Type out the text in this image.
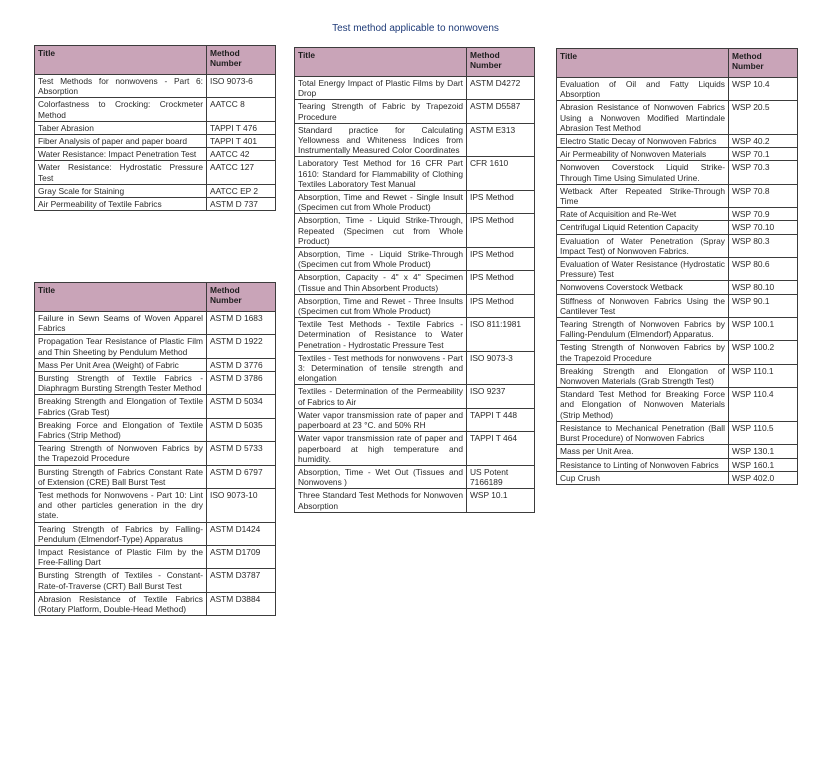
Test method applicable to nonwovens
Title	Method Number
Test Methods for nonwovens - Part 6: Absorption	ISO 9073-6
Colorfastness to Crocking: Crockmeter Method	AATCC 8
Taber Abrasion	TAPPI T 476
Fiber Analysis of paper and paper board	TAPPI T 401
Water Resistance: Impact Penetration Test	AATCC 42
Water Resistance: Hydrostatic Pressure Test	AATCC 127
Gray Scale for Staining	AATCC EP 2
Air Permeability of Textile Fabrics	ASTM D 737
Title	Method Number
Failure in Sewn Seams of Woven Apparel Fabrics	ASTM D 1683
Propagation Tear Resistance of Plastic Film and Thin Sheeting by Pendulum Method	ASTM D 1922
Mass Per Unit Area (Weight) of Fabric	ASTM D 3776
Bursting Strength of Textile Fabrics - Diaphragm Bursting Strength Tester Method	ASTM D 3786
Breaking Strength and Elongation of Textile Fabrics (Grab Test)	ASTM D 5034
Breaking Force and Elongation of Textile Fabrics (Strip Method)	ASTM D 5035
Tearing Strength of Nonwoven Fabrics by the Trapezoid Procedure	ASTM D 5733
Bursting Strength of Fabrics Constant Rate of Extension (CRE) Ball Burst Test	ASTM D 6797
Test methods for Nonwovens - Part 10: Lint and other particles generation in the dry state.	ISO 9073-10
Tearing Strength of Fabrics by Falling-Pendulum (Elmendorf-Type) Apparatus	ASTM D1424
Impact Resistance of Plastic Film by the Free-Falling Dart	ASTM D1709
Bursting Strength of Textiles - Constant-Rate-of-Traverse (CRT) Ball Burst Test	ASTM D3787
Abrasion Resistance of Textile Fabrics (Rotary Platform, Double-Head Method)	ASTM D3884
Title	Method Number
Total Energy Impact of Plastic Films by Dart Drop	ASTM D4272
Tearing Strength of Fabric by Trapezoid Procedure	ASTM D5587
Standard practice for Calculating Yellowness and Whiteness Indices from Instrumentally Measured Color Coordinates	ASTM E313
Laboratory Test Method for 16 CFR Part 1610: Standard for Flammability of Clothing Textiles Laboratory Test Manual	CFR 1610
Absorption, Time and Rewet - Single Insult (Specimen cut from Whole Product)	IPS Method
Absorption, Time - Liquid Strike-Through, Repeated (Specimen cut from Whole Product)	IPS Method
Absorption, Time - Liquid Strike-Through (Specimen cut from Whole Product)	IPS Method
Absorption, Capacity - 4" x 4" Specimen (Tissue and Thin Absorbent Products)	IPS Method
Absorption, Time and Rewet - Three Insults (Specimen cut from Whole Product)	IPS Method
Textile Test Methods - Textile Fabrics - Determination of Resistance to Water Penetration - Hydrostatic Pressure Test	ISO 811:1981
Textiles - Test methods for nonwovens - Part 3: Determination of tensile strength and elongation	ISO 9073-3
Textiles - Determination of the Permeability of Fabrics to Air	ISO 9237
Water vapor transmission rate of paper and paperboard at 23 °C. and 50% RH	TAPPI T 448
Water vapor transmission rate of paper and paperboard at high temperature and humidity.	TAPPI T 464
Absorption, Time - Wet Out (Tissues and Nonwovens )	US Potent 7166189
Three Standard Test Methods for Nonwoven Absorption	WSP 10.1
Title	Method Number
Evaluation of Oil and Fatty Liquids Absorption	WSP 10.4
Abrasion Resistance of Nonwoven Fabrics Using a Nonwoven Modified Martindale Abrasion Test Method	WSP 20.5
Electro Static Decay of Nonwoven Fabrics	WSP 40.2
Air Permeability of Nonwoven Materials	WSP 70.1
Nonwoven Coverstock Liquid Strike-Through Time Using Simulated Urine.	WSP 70.3
Wetback After Repeated Strike-Through Time	WSP 70.8
Rate of Acquisition and Re-Wet	WSP 70.9
Centrifugal Liquid Retention Capacity	WSP 70.10
Evaluation of Water Penetration (Spray Impact Test) of Nonwoven Fabrics.	WSP 80.3
Evaluation of Water Resistance (Hydrostatic Pressure) Test	WSP 80.6
Nonwovens Coverstock Wetback	WSP 80.10
Stiffness of Nonwoven Fabrics Using the Cantilever Test	WSP 90.1
Tearing Strength of Nonwoven Fabrics by Falling-Pendulum (Elmendorf) Apparatus.	WSP 100.1
Testing Strength of Nonwoven Fabrics by the Trapezoid Procedure	WSP 100.2
Breaking Strength and Elongation of Nonwoven Materials (Grab Strength Test)	WSP 110.1
Standard Test Method for Breaking Force and Elongation of Nonwoven Materials (Strip Method)	WSP 110.4
Resistance to Mechanical Penetration (Ball Burst Procedure) of Nonwoven Fabrics	WSP 110.5
Mass per Unit Area.	WSP 130.1
Resistance to Linting of Nonwoven Fabrics	WSP 160.1
Cup Crush	WSP 402.0
